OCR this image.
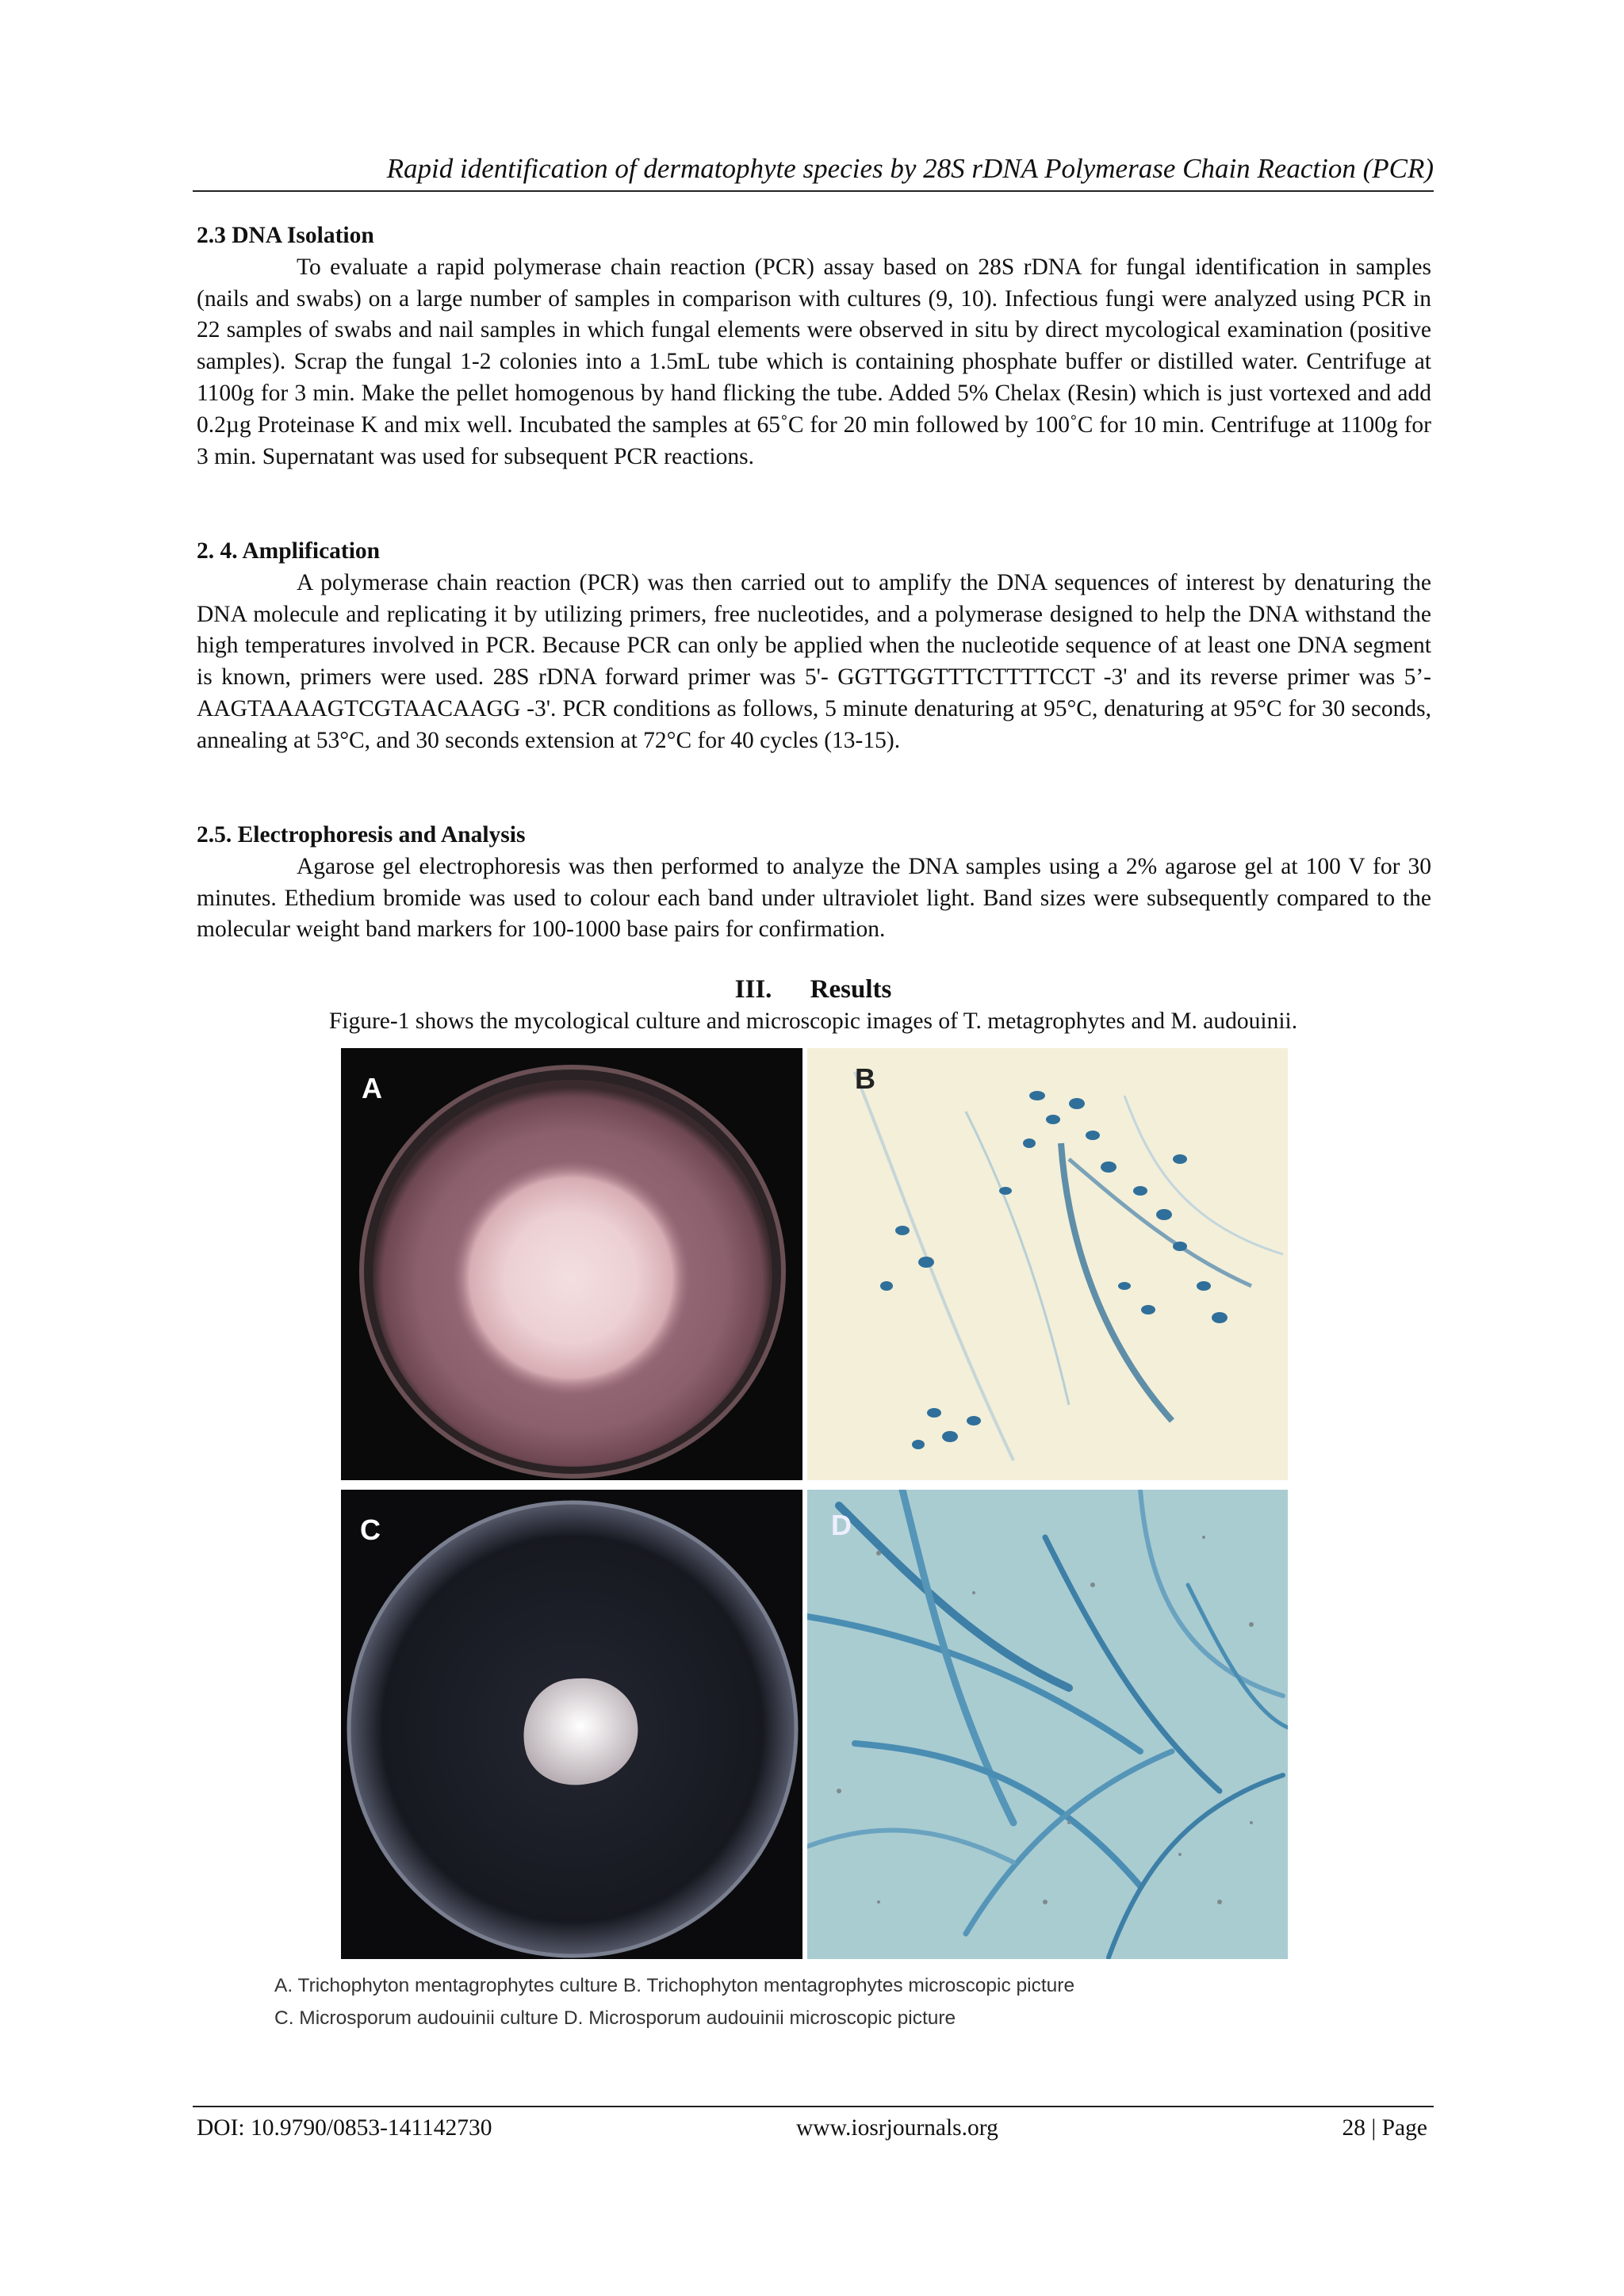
Rapid identification of dermatophyte species by 28S rDNA Polymerase Chain Reaction (PCR)
2.3 DNA Isolation

To evaluate a rapid polymerase chain reaction (PCR) assay based on 28S rDNA for fungal identification in samples (nails and swabs) on a large number of samples in comparison with cultures (9, 10). Infectious fungi were analyzed using PCR in 22 samples of swabs and nail samples in which fungal elements were observed in situ by direct mycological examination (positive samples). Scrap the fungal 1-2 colonies into a 1.5mL tube which is containing phosphate buffer or distilled water. Centrifuge at 1100g for 3 min. Make the pellet homogenous by hand flicking the tube. Added 5% Chelax (Resin) which is just vortexed and add 0.2µg Proteinase K and mix well. Incubated the samples at 65˚C for 20 min followed by 100˚C for 10 min. Centrifuge at 1100g for 3 min. Supernatant was used for subsequent PCR reactions.

2. 4. Amplification

A polymerase chain reaction (PCR) was then carried out to amplify the DNA sequences of interest by denaturing the DNA molecule and replicating it by utilizing primers, free nucleotides, and a polymerase designed to help the DNA withstand the high temperatures involved in PCR. Because PCR can only be applied when the nucleotide sequence of at least one DNA segment is known, primers were used. 28S rDNA forward primer was 5'- GGTTGGTTTCTTTTCCT -3' and its reverse primer was 5’- AAGTAAAAGTCGTAACAAGG -3'. PCR conditions as follows, 5 minute denaturing at 95°C, denaturing at 95°C for 30 seconds, annealing at 53°C, and 30 seconds extension at 72°C for 40 cycles (13-15).

2.5. Electrophoresis and Analysis

Agarose gel electrophoresis was then performed to analyze the DNA samples using a 2% agarose gel at 100 V for 30 minutes. Ethedium bromide was used to colour each band under ultraviolet light. Band sizes were subsequently compared to the molecular weight band markers for 100-1000 base pairs for confirmation.

III. Results
Figure-1 shows the mycological culture and microscopic images of T. metagrophytes and M. audouinii.
A	B
C	D
A. Trichophyton mentagrophytes culture B. Trichophyton mentagrophytes microscopic picture
C. Microsporum audouinii culture D. Microsporum audouinii microscopic picture
DOI: 10.9790/0853-141142730	www.iosrjournals.org	28 | Page
